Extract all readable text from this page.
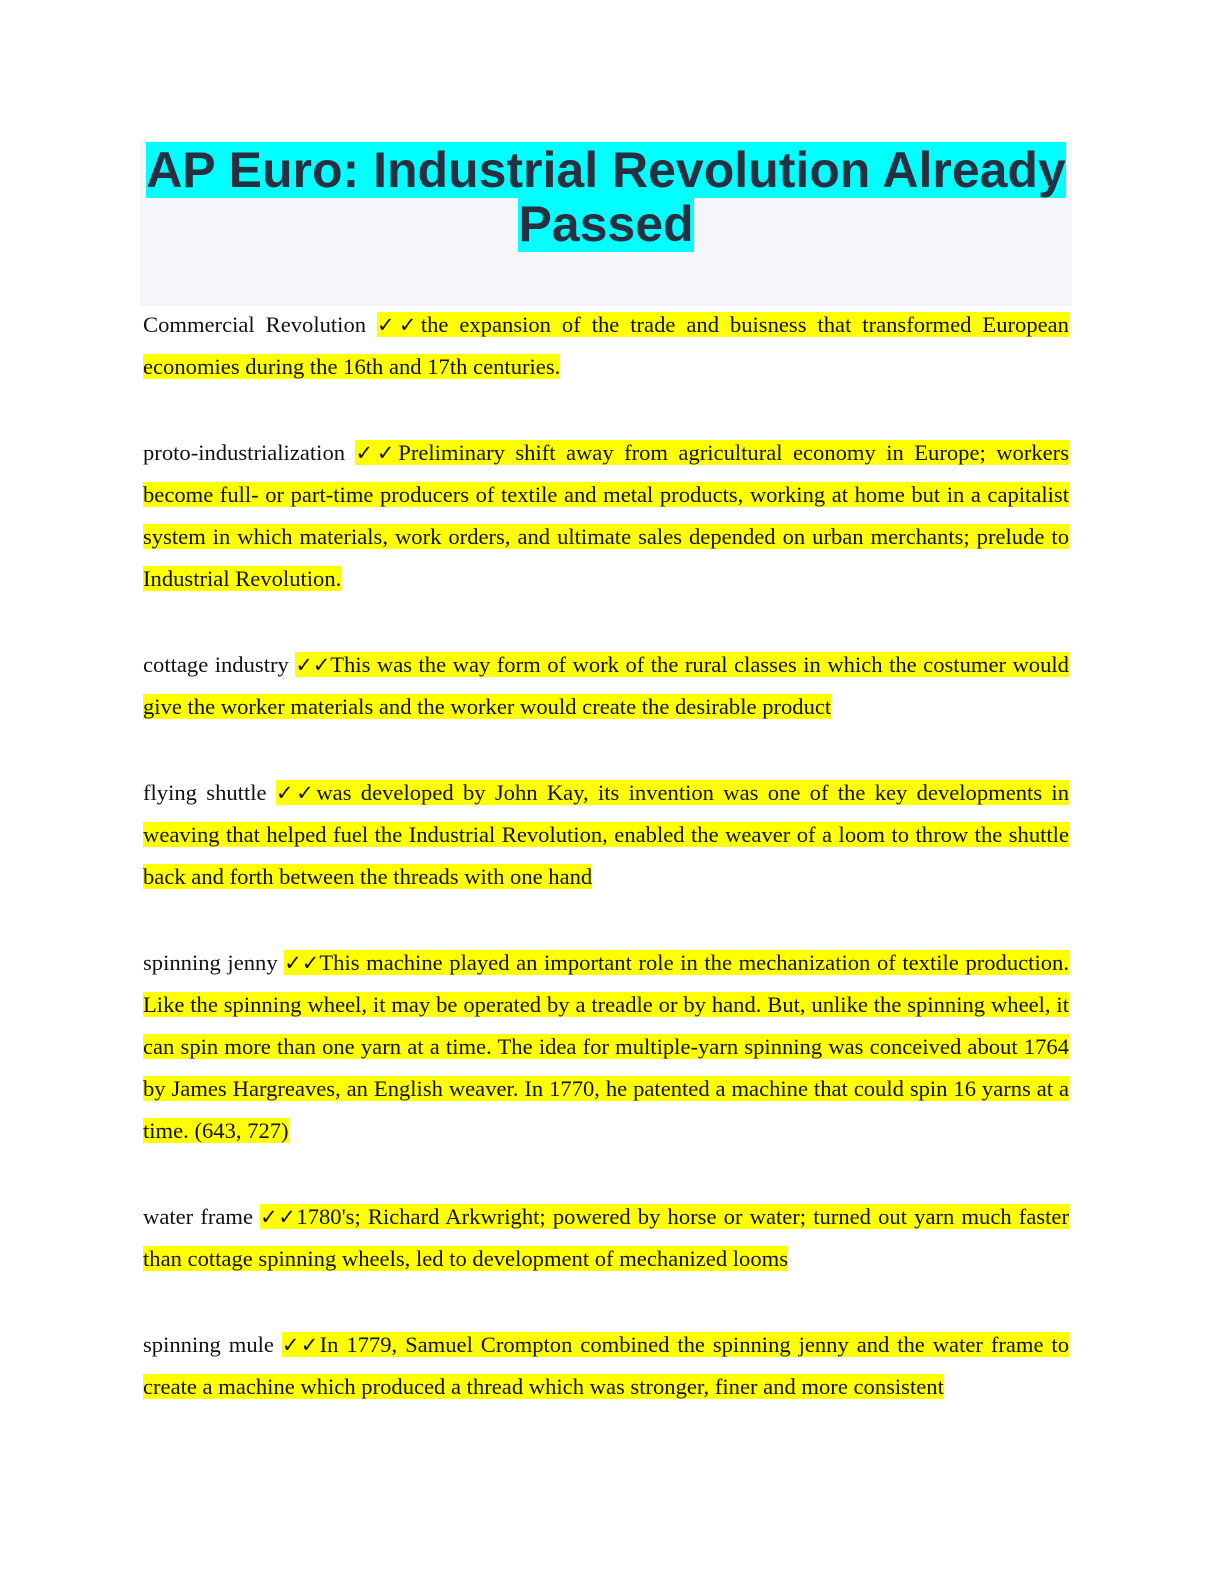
AP Euro: Industrial Revolution Already Passed

Commercial Revolution ✓✓the expansion of the trade and buisness that transformed European economies during the 16th and 17th centuries.

proto-industrialization ✓✓Preliminary shift away from agricultural economy in Europe; workers become full- or part-time producers of textile and metal products, working at home but in a capitalist system in which materials, work orders, and ultimate sales depended on urban merchants; prelude to Industrial Revolution.

cottage industry ✓✓This was the way form of work of the rural classes in which the costumer would give the worker materials and the worker would create the desirable product

flying shuttle ✓✓was developed by John Kay, its invention was one of the key developments in weaving that helped fuel the Industrial Revolution, enabled the weaver of a loom to throw the shuttle back and forth between the threads with one hand

spinning jenny ✓✓This machine played an important role in the mechanization of textile production. Like the spinning wheel, it may be operated by a treadle or by hand. But, unlike the spinning wheel, it can spin more than one yarn at a time. The idea for multiple-yarn spinning was conceived about 1764 by James Hargreaves, an English weaver. In 1770, he patented a machine that could spin 16 yarns at a time. (643, 727)

water frame ✓✓1780's; Richard Arkwright; powered by horse or water; turned out yarn much faster than cottage spinning wheels, led to development of mechanized looms

spinning mule ✓✓In 1779, Samuel Crompton combined the spinning jenny and the water frame to create a machine which produced a thread which was stronger, finer and more consistent
